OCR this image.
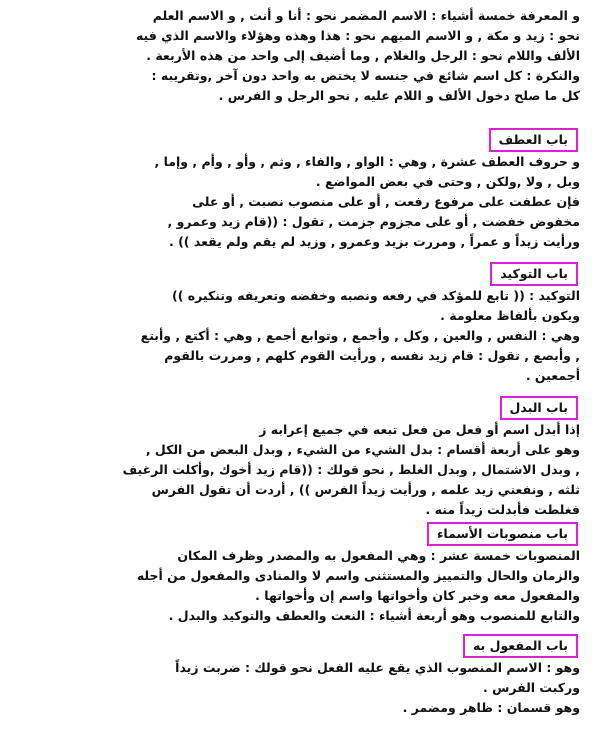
و المعرفة خمسة أشياء : الاسم المضمر نحو : أنا و أنت , و الاسم العلم
نحو : زيد و مكة , و الاسم المبهم نحو : هذا وهذه وهؤلاء والاسم الذي فيه
الألف واللام نحو : الرجل والغلام , وما أضيف إلى واحد من هذه الأربعة .
والنكرة : كل اسم شائع في جنسه لا يختص به واحد دون آخر ,وتقريبه :
كل ما صلح دخول الألف و اللام عليه , نحو الرجل و الفرس .
باب العطف
و حروف العطف عشرة , وهي : الواو , والفاء , وثم , وأو , وأم , وإما ,
وبل , ولا ,ولكن , وحتى في بعض المواضع .
فإن عطفت على مرفوع رفعت , أو على منصوب نصبت , أو على
مخفوض خفضت , أو على مجزوم جزمت , تقول : ((قام زيد وعمرو ,
ورأيت زيداً و عمراً , ومررت بزيد وعمرو , وزيد لم يقم ولم يقعد )) .
باب التوكيد
التوكيد : (( تابع للمؤكد في رفعه ونصبه وخفضه وتعريفه وتنكيره ))
ويكون بألفاظ معلومة .
وهي : النفس , والعين , وكل , وأجمع , وتوابع أجمع , وهي : أكتع , وأبتع
, وأبصع , تقول : قام زيد نفسه , ورأيت القوم كلهم , ومررت بالقوم
أجمعين .
باب البدل
إذا أبدل اسم أو فعل من فعل تبعه في جميع إعرابه ز
وهو على أربعة أقسام : بدل الشيء من الشيء , وبدل البعض من الكل ,
, وبدل الاشتمال , وبدل الغلط , نحو قولك : ((قام زيد أخوك ,وأكلت الرغيف
ثلثه , ونفعني زيد علمه , ورأيت زيداً الفرس )) , أردت أن تقول الفرس
فغلطت فأبدلت زيداً منه .
باب منصوبات الأسماء
المنصوبات خمسة عشر : وهي المفعول به والمصدر وظرف المكان
والزمان والحال والتمييز والمستثنى واسم لا والمنادى والمفعول من أجله
والمفعول معه وخبر كان وأخواتها واسم إن وأخواتها .
والتابع للمنصوب وهو أربعة أشياء : النعت والعطف والتوكيد والبدل .
باب المفعول به
وهو : الاسم المنصوب الذي يقع عليه الفعل نحو قولك : ضربت زيداً
وركبت الفرس .
وهو قسمان : ظاهر ومضمر .
